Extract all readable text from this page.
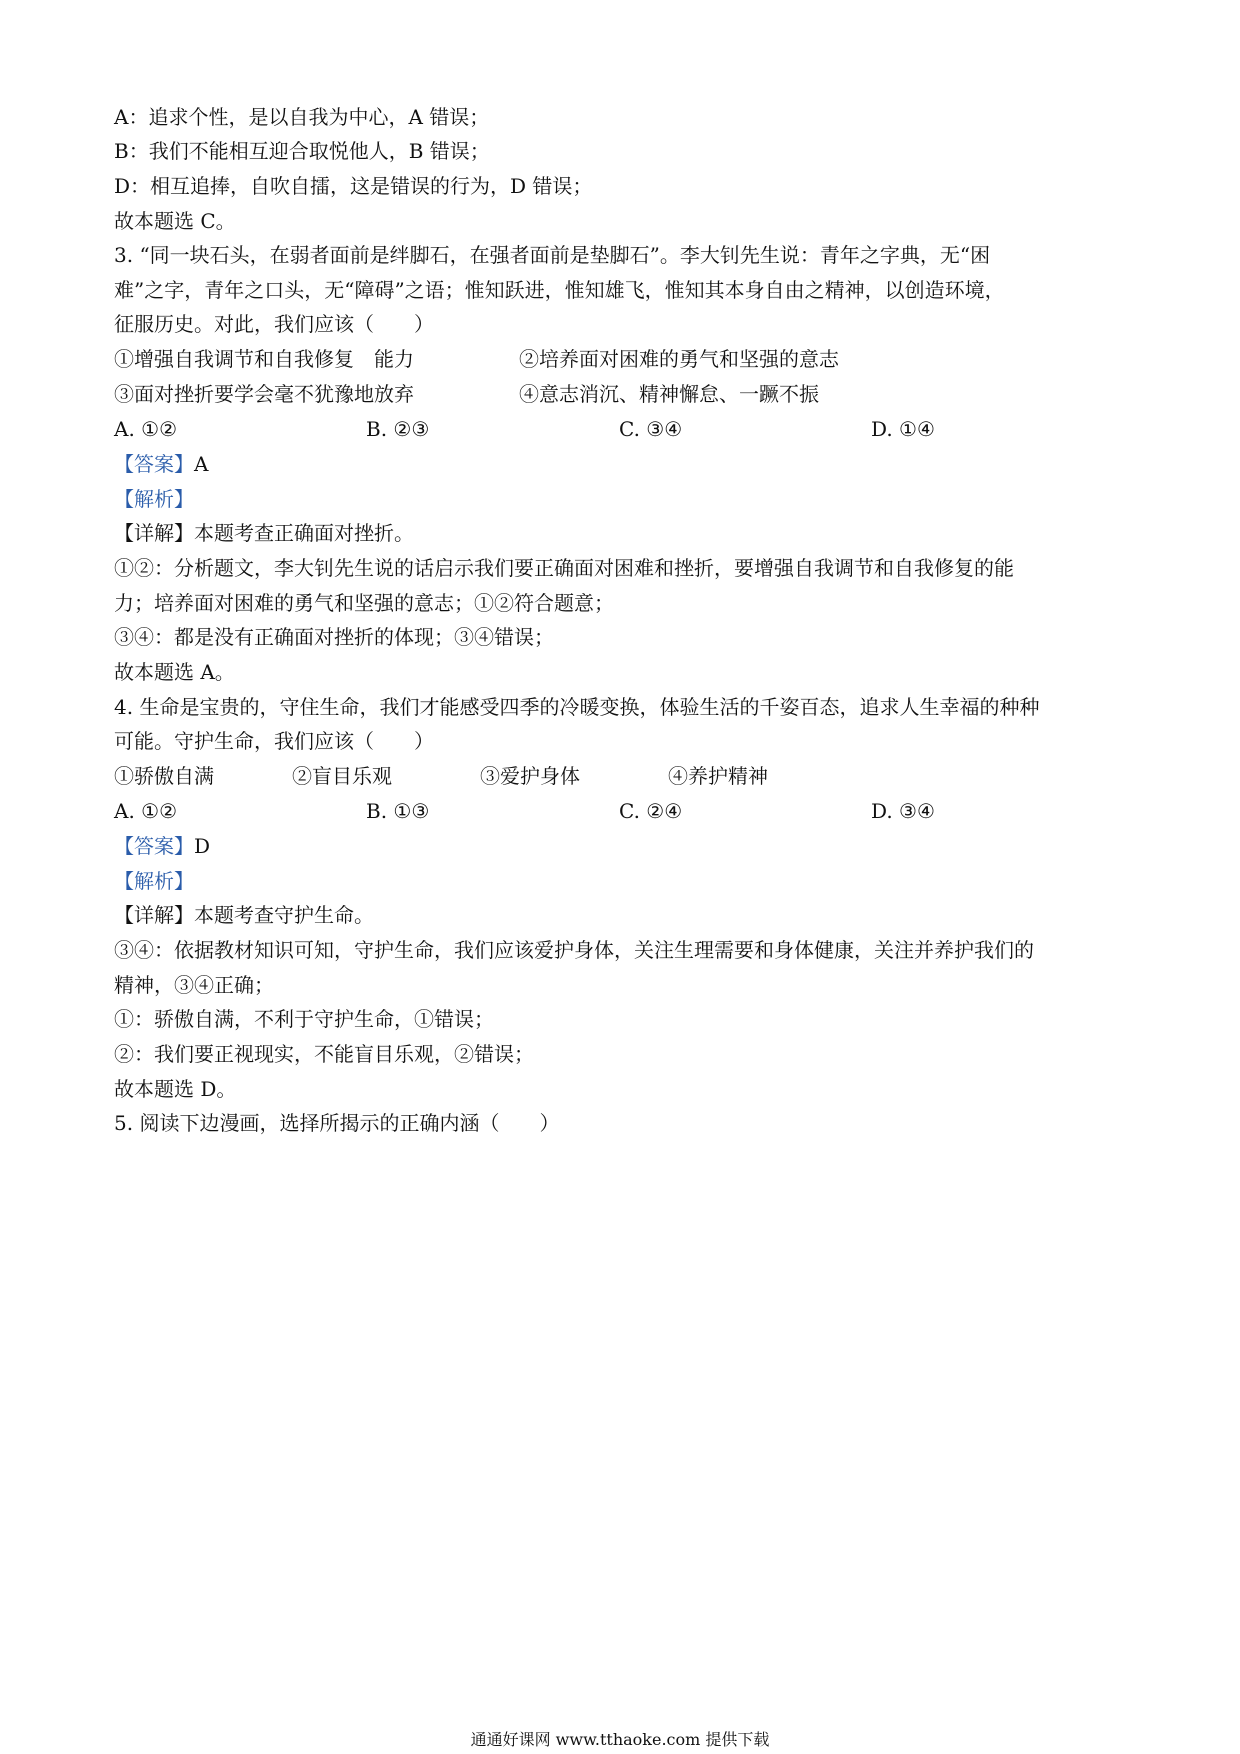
A：追求个性，是以自我为中心，A 错误；

B：我们不能相互迎合取悦他人，B 错误；

D：相互追捧，自吹自擂，这是错误的行为，D 错误；

故本题选 C。

3. “同一块石头，在弱者面前是绊脚石，在强者面前是垫脚石”。李大钊先生说：青年之字典，无“困

难”之字，青年之口头，无“障碍”之语；惟知跃进，惟知雄飞，惟知其本身自由之精神，以创造环境，

征服历史。对此，我们应该（　　）

①增强自我调节和自我修复　能力	②培养面对困难的勇气和坚强的意志
③面对挫折要学会毫不犹豫地放弃	④意志消沉、精神懈怠、一蹶不振
A. ①②	B. ②③	C. ③④	D. ①④

【答案】A

【解析】

【详解】本题考查正确面对挫折。

①②：分析题文，李大钊先生说的话启示我们要正确面对困难和挫折，要增强自我调节和自我修复的能

力；培养面对困难的勇气和坚强的意志；①②符合题意；

③④：都是没有正确面对挫折的体现；③④错误；

故本题选 A。

4. 生命是宝贵的，守住生命，我们才能感受四季的冷暖变换，体验生活的千姿百态，追求人生幸福的种种

可能。守护生命，我们应该（　　）

①骄傲自满	②盲目乐观	③爱护身体	④养护精神
A. ①②	B. ①③	C. ②④	D. ③④

【答案】D

【解析】

【详解】本题考查守护生命。

③④：依据教材知识可知，守护生命，我们应该爱护身体，关注生理需要和身体健康，关注并养护我们的

精神，③④正确；

①：骄傲自满，不利于守护生命，①错误；

②：我们要正视现实，不能盲目乐观，②错误；

故本题选 D。

5. 阅读下边漫画，选择所揭示的正确内涵（　　）

通通好课网 www.tthaoke.com 提供下载
